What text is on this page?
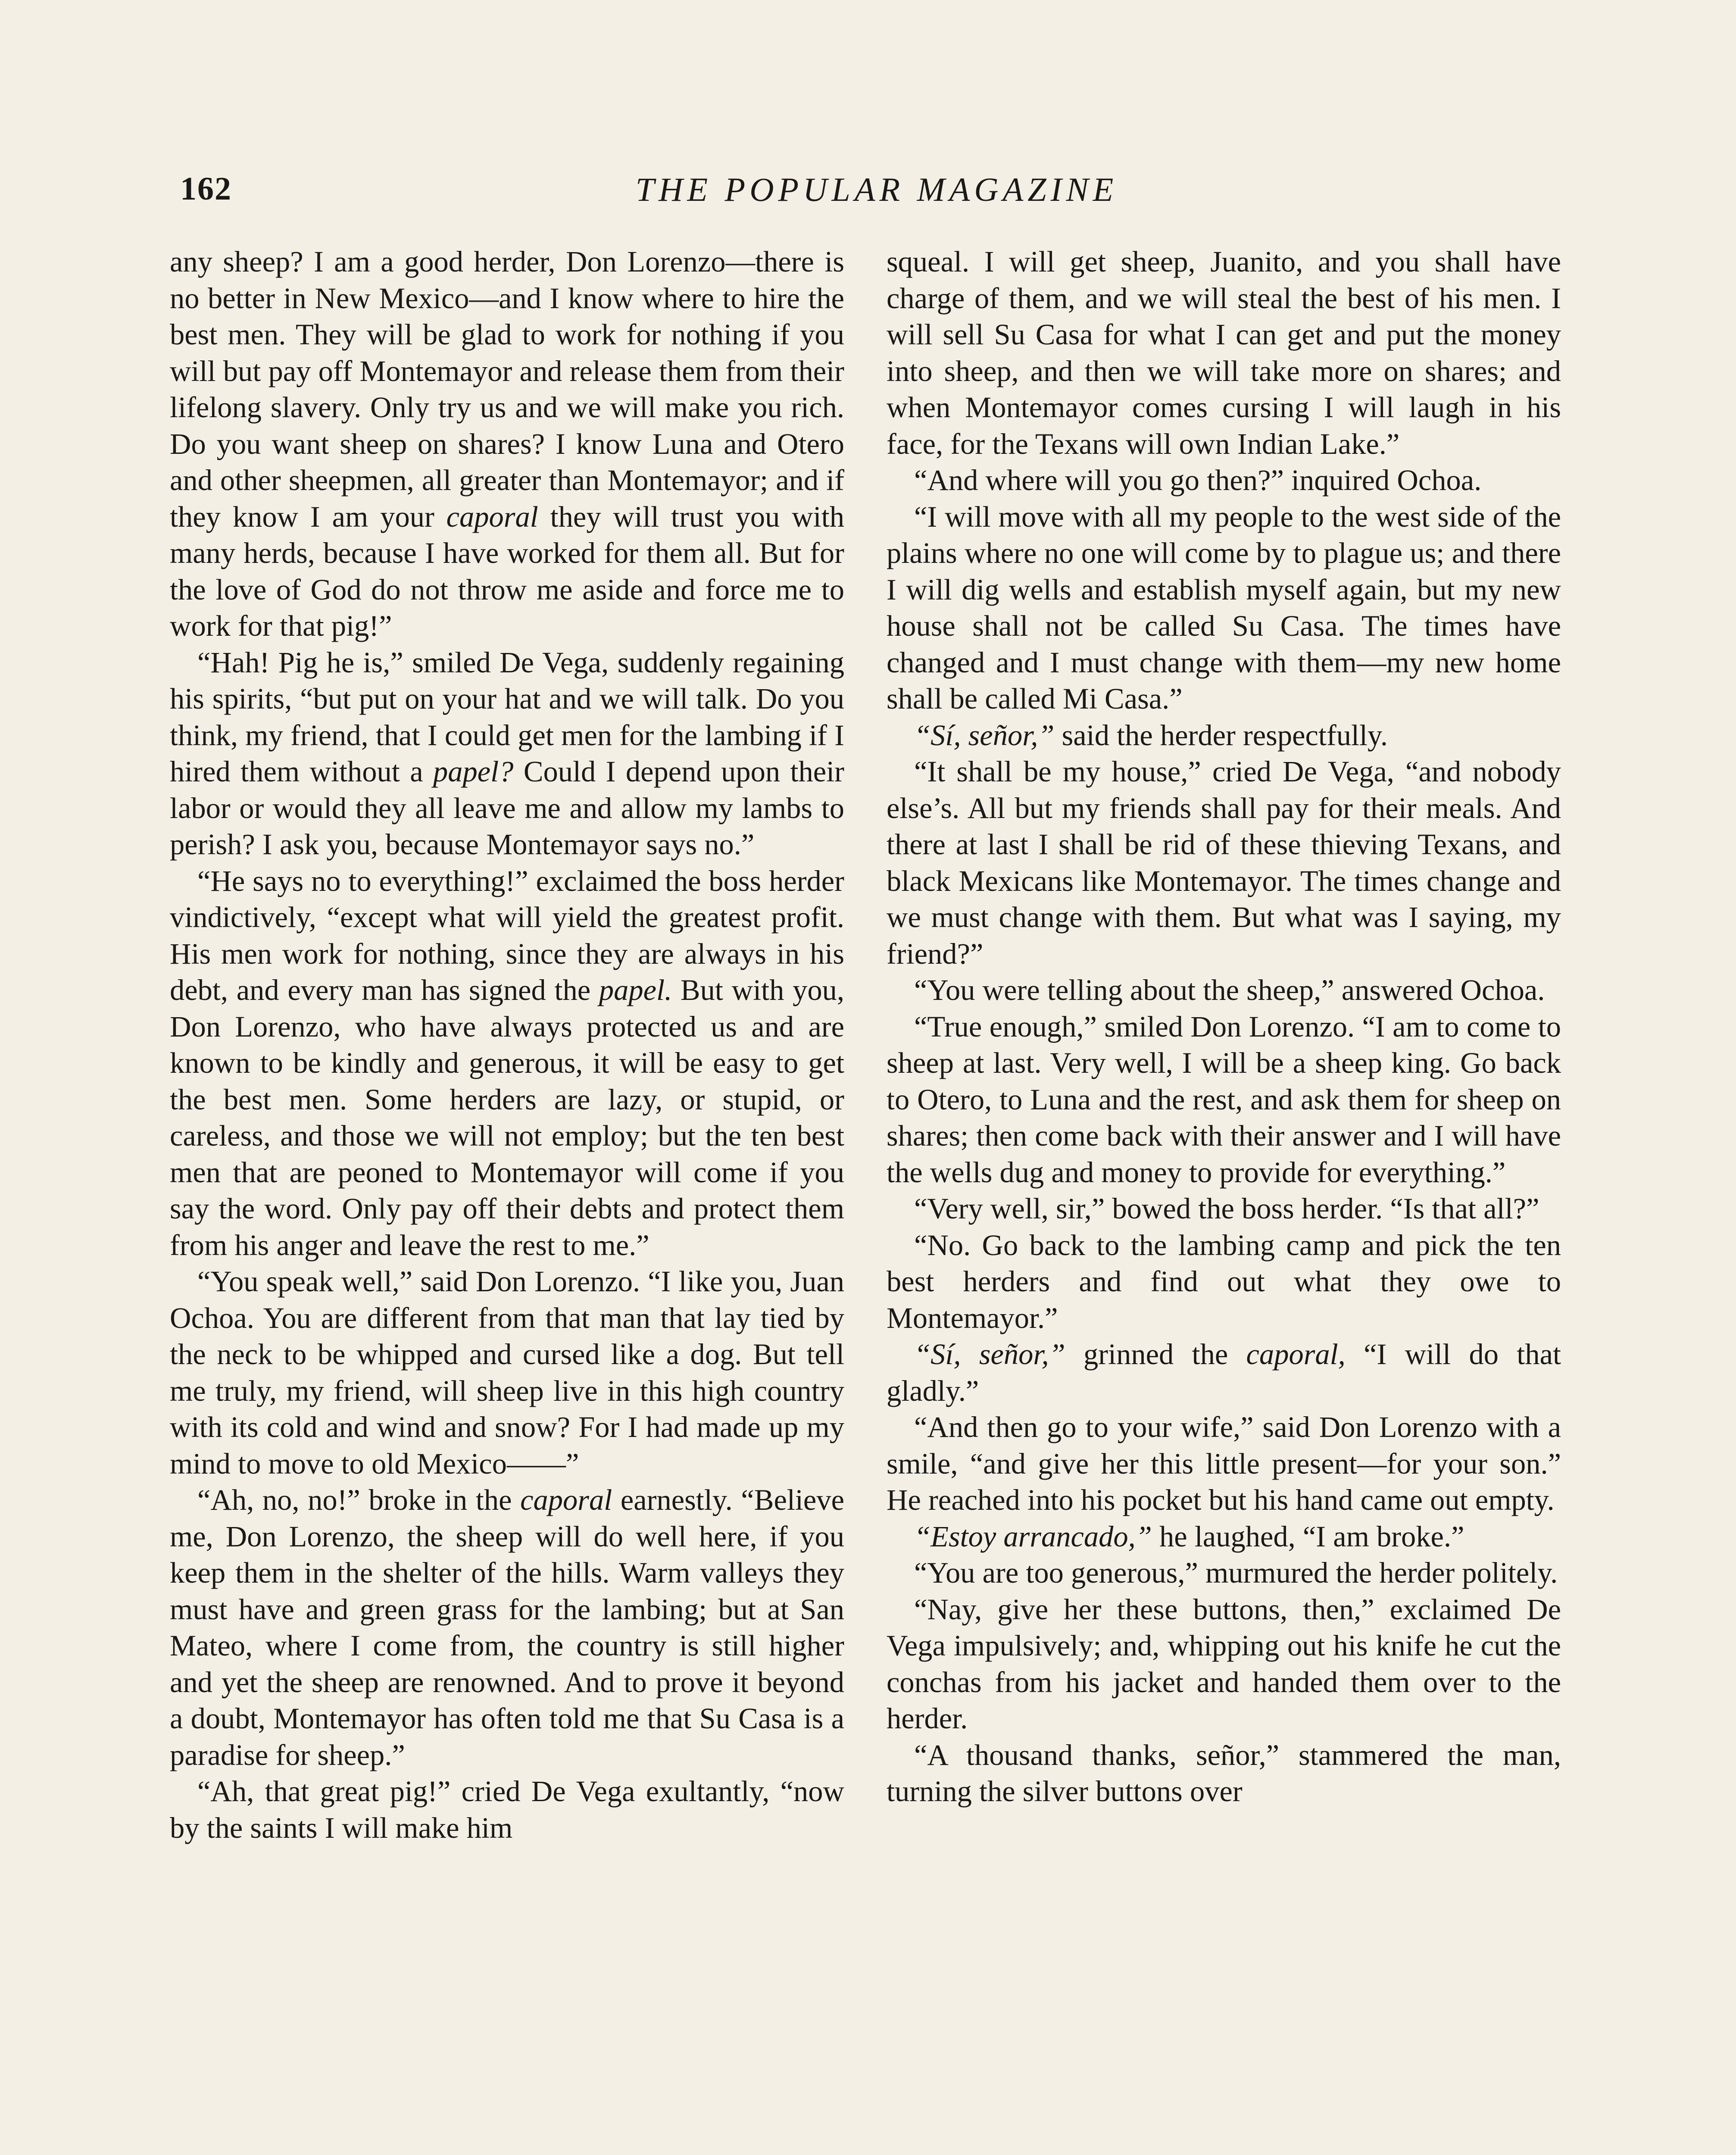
162	THE POPULAR MAGAZINE

any sheep? I am a good herder, Don Lorenzo—there is no better in New Mexico—and I know where to hire the best men. They will be glad to work for nothing if you will but pay off Montemayor and release them from their lifelong slavery. Only try us and we will make you rich. Do you want sheep on shares? I know Luna and Otero and other sheepmen, all greater than Montemayor; and if they know I am your caporal they will trust you with many herds, because I have worked for them all. But for the love of God do not throw me aside and force me to work for that pig!”

“Hah! Pig he is,” smiled De Vega, suddenly regaining his spirits, “but put on your hat and we will talk. Do you think, my friend, that I could get men for the lambing if I hired them without a papel? Could I depend upon their labor or would they all leave me and allow my lambs to perish? I ask you, because Montemayor says no.”

“He says no to everything!” exclaimed the boss herder vindictively, “except what will yield the greatest profit. His men work for nothing, since they are always in his debt, and every man has signed the papel. But with you, Don Lorenzo, who have always protected us and are known to be kindly and generous, it will be easy to get the best men. Some herders are lazy, or stupid, or careless, and those we will not employ; but the ten best men that are peoned to Montemayor will come if you say the word. Only pay off their debts and protect them from his anger and leave the rest to me.”

“You speak well,” said Don Lorenzo. “I like you, Juan Ochoa. You are different from that man that lay tied by the neck to be whipped and cursed like a dog. But tell me truly, my friend, will sheep live in this high country with its cold and wind and snow? For I had made up my mind to move to old Mexico——”

“Ah, no, no!” broke in the caporal earnestly. “Believe me, Don Lorenzo, the sheep will do well here, if you keep them in the shelter of the hills. Warm valleys they must have and green grass for the lambing; but at San Mateo, where I come from, the country is still higher and yet the sheep are renowned. And to prove it beyond a doubt, Montemayor has often told me that Su Casa is a paradise for sheep.”

“Ah, that great pig!” cried De Vega exultantly, “now by the saints I will make him

squeal. I will get sheep, Juanito, and you shall have charge of them, and we will steal the best of his men. I will sell Su Casa for what I can get and put the money into sheep, and then we will take more on shares; and when Montemayor comes cursing I will laugh in his face, for the Texans will own Indian Lake.”

“And where will you go then?” inquired Ochoa.

“I will move with all my people to the west side of the plains where no one will come by to plague us; and there I will dig wells and establish myself again, but my new house shall not be called Su Casa. The times have changed and I must change with them—my new home shall be called Mi Casa.”

“Sí, señor,” said the herder respectfully.

“It shall be my house,” cried De Vega, “and nobody else’s. All but my friends shall pay for their meals. And there at last I shall be rid of these thieving Texans, and black Mexicans like Montemayor. The times change and we must change with them. But what was I saying, my friend?”

“You were telling about the sheep,” answered Ochoa.

“True enough,” smiled Don Lorenzo. “I am to come to sheep at last. Very well, I will be a sheep king. Go back to Otero, to Luna and the rest, and ask them for sheep on shares; then come back with their answer and I will have the wells dug and money to provide for everything.”

“Very well, sir,” bowed the boss herder. “Is that all?”

“No. Go back to the lambing camp and pick the ten best herders and find out what they owe to Montemayor.”

“Sí, señor,” grinned the caporal, “I will do that gladly.”

“And then go to your wife,” said Don Lorenzo with a smile, “and give her this little present—for your son.” He reached into his pocket but his hand came out empty.

“Estoy arrancado,” he laughed, “I am broke.”

“You are too generous,” murmured the herder politely.

“Nay, give her these buttons, then,” exclaimed De Vega impulsively; and, whipping out his knife he cut the conchas from his jacket and handed them over to the herder.

“A thousand thanks, señor,” stammered the man, turning the silver buttons over
